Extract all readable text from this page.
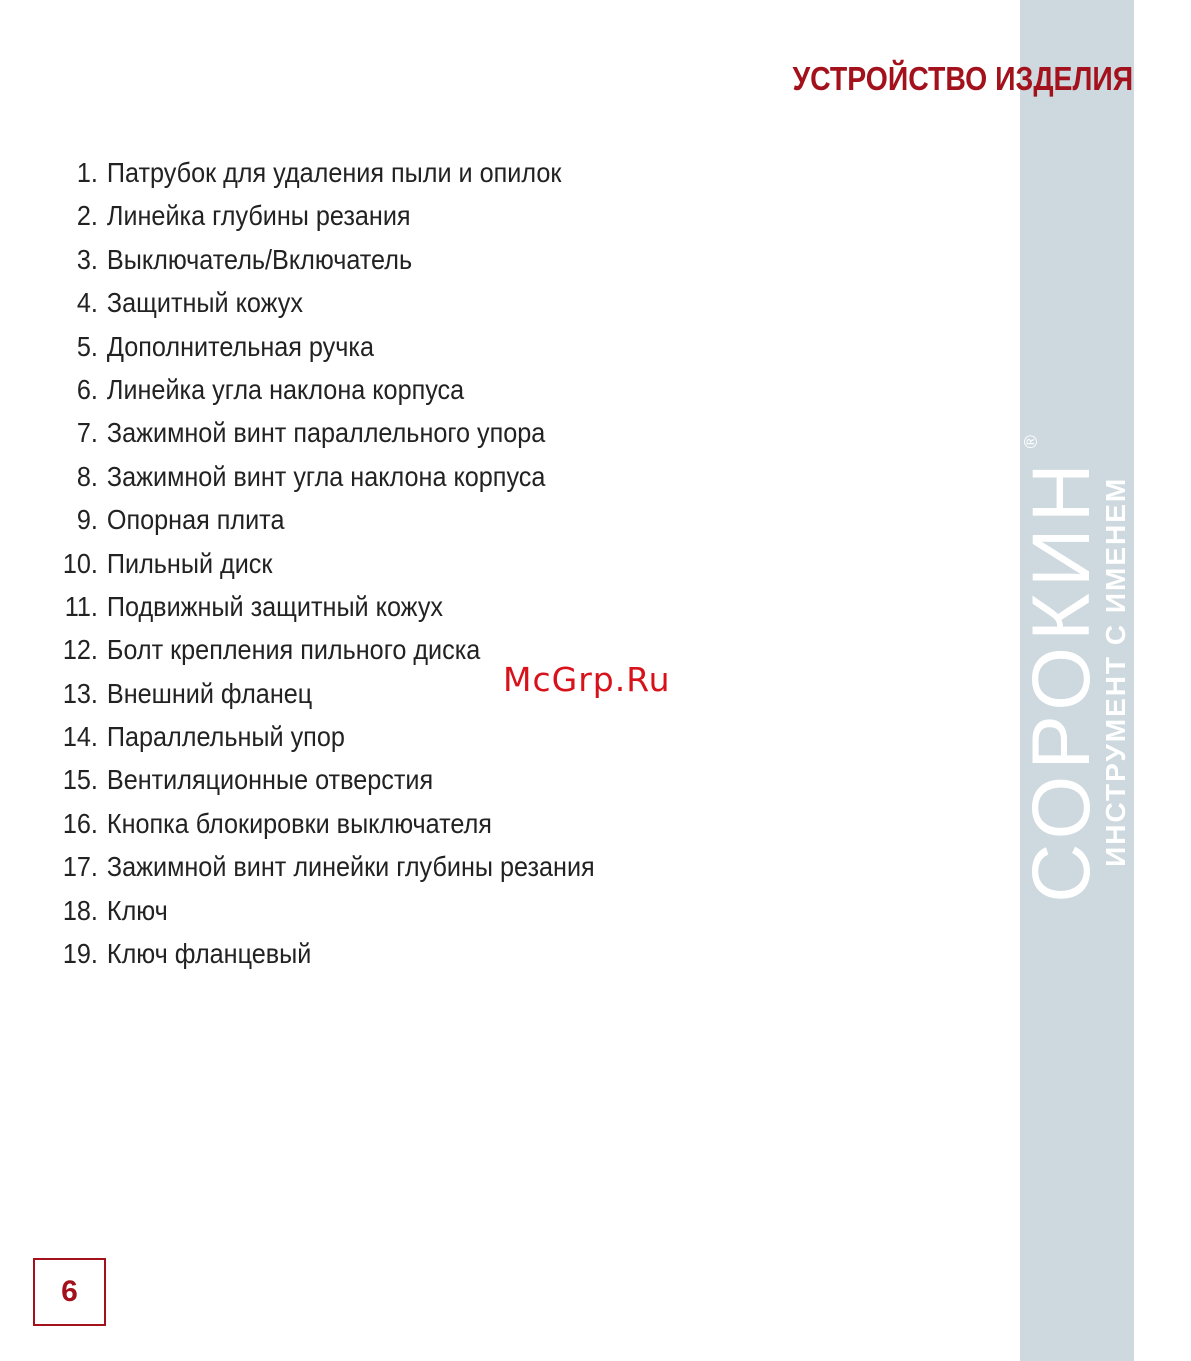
СОРОКИН
®
ИНСТРУМЕНТ С ИМЕНЕМ
УСТРОЙСТВО ИЗДЕЛИЯ
1. Патрубок для удаления пыли и опилок
2. Линейка глубины резания
3. Выключатель/Включатель
4. Защитный кожух
5. Дополнительная ручка
6. Линейка угла наклона корпуса
7. Зажимной винт параллельного упора
8. Зажимной винт угла наклона корпуса
9. Опорная плита
10. Пильный диск
11. Подвижный защитный кожух
12. Болт крепления пильного диска
13. Внешний фланец
14. Параллельный упор
15. Вентиляционные отверстия
16. Кнопка блокировки выключателя
17. Зажимной винт линейки глубины резания
18. Ключ
19. Ключ фланцевый
McGrp.Ru
6
